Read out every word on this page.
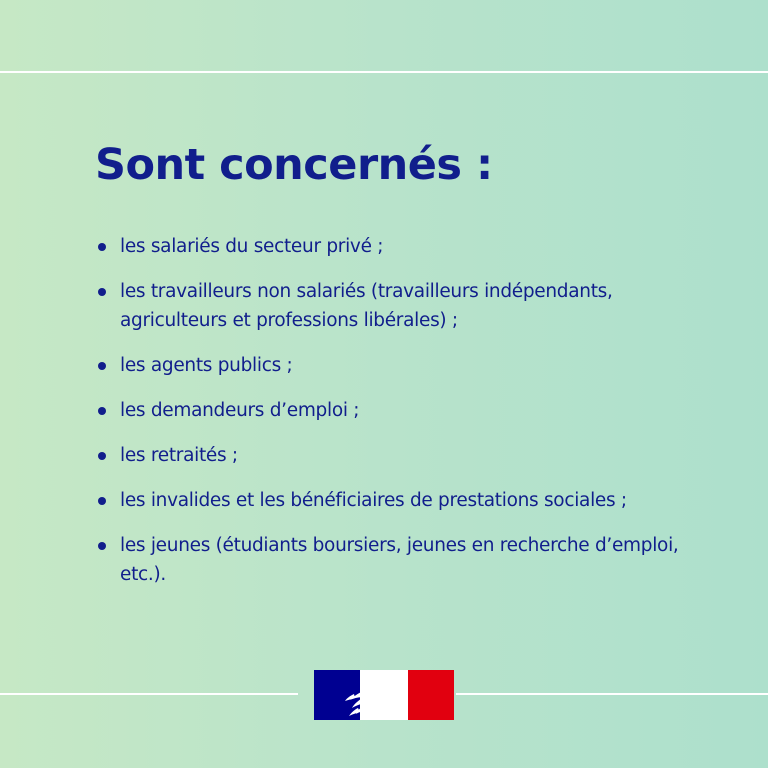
Sont concernés :
les salariés du secteur privé ;
les travailleurs non salariés (travailleurs indépendants, agriculteurs et professions libérales) ;
les agents publics ;
les demandeurs d’emploi ;
les retraités ;
les invalides et les bénéficiaires de prestations sociales ;
les jeunes (étudiants boursiers, jeunes en recherche d’emploi, etc.).
